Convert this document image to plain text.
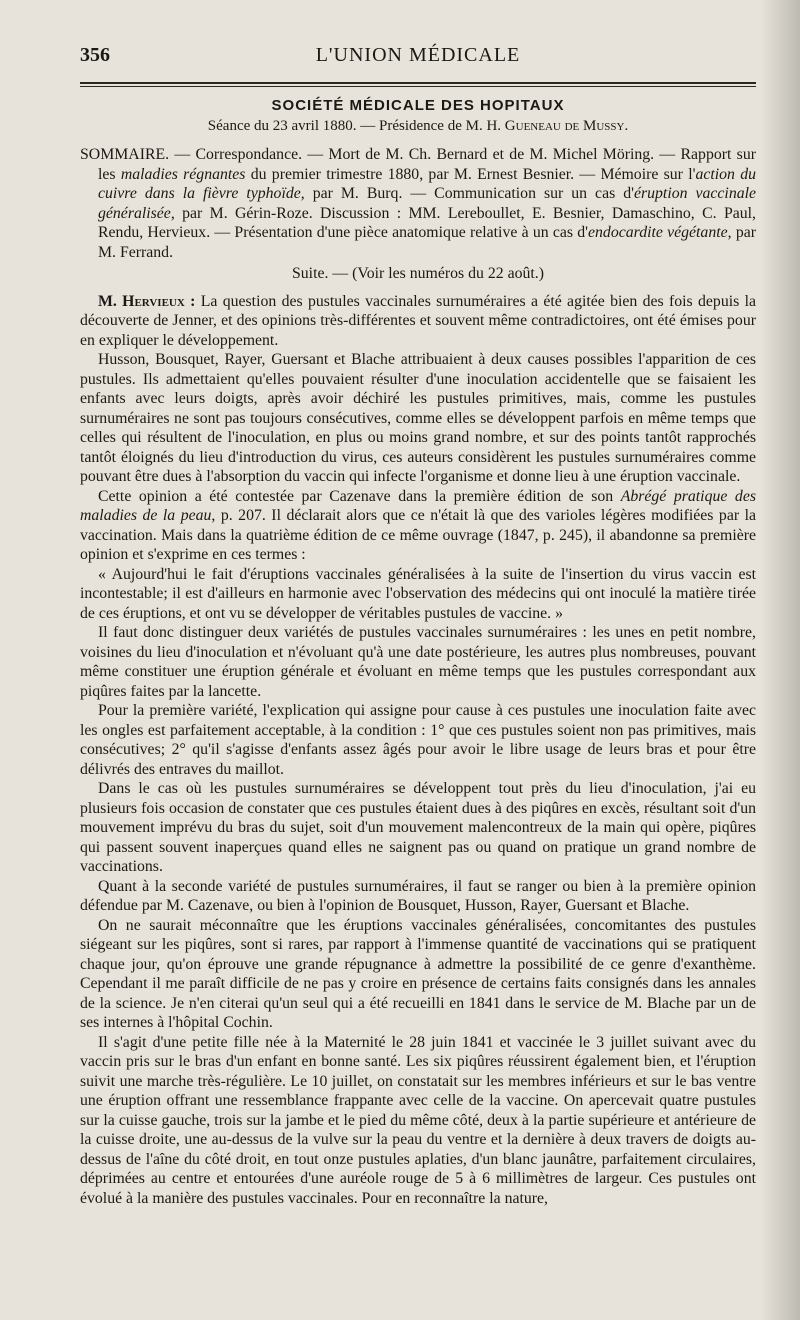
356	L'UNION MÉDICALE
SOCIÉTÉ MÉDICALE DES HOPITAUX
Séance du 23 avril 1880. — Présidence de M. H. Gueneau de Mussy.

SOMMAIRE. — Correspondance. — Mort de M. Ch. Bernard et de M. Michel Möring. — Rapport sur les maladies régnantes du premier trimestre 1880, par M. Ernest Besnier. — Mémoire sur l'action du cuivre dans la fièvre typhoïde, par M. Burq. — Communication sur un cas d'éruption vaccinale généralisée, par M. Gérin-Roze. Discussion : MM. Lereboullet, E. Besnier, Damaschino, C. Paul, Rendu, Hervieux. — Présentation d'une pièce anatomique relative à un cas d'endocardite végétante, par M. Ferrand.

Suite. — (Voir les numéros du 22 août.)

M. Hervieux : La question des pustules vaccinales surnuméraires a été agitée bien des fois depuis la découverte de Jenner, et des opinions très-différentes et souvent même contradictoires, ont été émises pour en expliquer le développement.

Husson, Bousquet, Rayer, Guersant et Blache attribuaient à deux causes possibles l'apparition de ces pustules. Ils admettaient qu'elles pouvaient résulter d'une inoculation accidentelle que se faisaient les enfants avec leurs doigts, après avoir déchiré les pustules primitives, mais, comme les pustules surnuméraires ne sont pas toujours consécutives, comme elles se développent parfois en même temps que celles qui résultent de l'inoculation, en plus ou moins grand nombre, et sur des points tantôt rapprochés tantôt éloignés du lieu d'introduction du virus, ces auteurs considèrent les pustules surnuméraires comme pouvant être dues à l'absorption du vaccin qui infecte l'organisme et donne lieu à une éruption vaccinale.

Cette opinion a été contestée par Cazenave dans la première édition de son Abrégé pratique des maladies de la peau, p. 207. Il déclarait alors que ce n'était là que des varioles légères modifiées par la vaccination. Mais dans la quatrième édition de ce même ouvrage (1847, p. 245), il abandonne sa première opinion et s'exprime en ces termes :

« Aujourd'hui le fait d'éruptions vaccinales généralisées à la suite de l'insertion du virus vaccin est incontestable; il est d'ailleurs en harmonie avec l'observation des médecins qui ont inoculé la matière tirée de ces éruptions, et ont vu se développer de véritables pustules de vaccine. »

Il faut donc distinguer deux variétés de pustules vaccinales surnuméraires : les unes en petit nombre, voisines du lieu d'inoculation et n'évoluant qu'à une date postérieure, les autres plus nombreuses, pouvant même constituer une éruption générale et évoluant en même temps que les pustules correspondant aux piqûres faites par la lancette.

Pour la première variété, l'explication qui assigne pour cause à ces pustules une inoculation faite avec les ongles est parfaitement acceptable, à la condition : 1° que ces pustules soient non pas primitives, mais consécutives; 2° qu'il s'agisse d'enfants assez âgés pour avoir le libre usage de leurs bras et pour être délivrés des entraves du maillot.

Dans le cas où les pustules surnuméraires se développent tout près du lieu d'inoculation, j'ai eu plusieurs fois occasion de constater que ces pustules étaient dues à des piqûres en excès, résultant soit d'un mouvement imprévu du bras du sujet, soit d'un mouvement malencontreux de la main qui opère, piqûres qui passent souvent inaperçues quand elles ne saignent pas ou quand on pratique un grand nombre de vaccinations.

Quant à la seconde variété de pustules surnuméraires, il faut se ranger ou bien à la première opinion défendue par M. Cazenave, ou bien à l'opinion de Bousquet, Husson, Rayer, Guersant et Blache.

On ne saurait méconnaître que les éruptions vaccinales généralisées, concomitantes des pustules siégeant sur les piqûres, sont si rares, par rapport à l'immense quantité de vaccinations qui se pratiquent chaque jour, qu'on éprouve une grande répugnance à admettre la possibilité de ce genre d'exanthème. Cependant il me paraît difficile de ne pas y croire en présence de certains faits consignés dans les annales de la science. Je n'en citerai qu'un seul qui a été recueilli en 1841 dans le service de M. Blache par un de ses internes à l'hôpital Cochin.

Il s'agit d'une petite fille née à la Maternité le 28 juin 1841 et vaccinée le 3 juillet suivant avec du vaccin pris sur le bras d'un enfant en bonne santé. Les six piqûres réussirent également bien, et l'éruption suivit une marche très-régulière. Le 10 juillet, on constatait sur les membres inférieurs et sur le bas ventre une éruption offrant une ressemblance frappante avec celle de la vaccine. On apercevait quatre pustules sur la cuisse gauche, trois sur la jambe et le pied du même côté, deux à la partie supérieure et antérieure de la cuisse droite, une au-dessus de la vulve sur la peau du ventre et la dernière à deux travers de doigts au-dessus de l'aîne du côté droit, en tout onze pustules aplaties, d'un blanc jaunâtre, parfaitement circulaires, déprimées au centre et entourées d'une auréole rouge de 5 à 6 millimètres de largeur. Ces pustules ont évolué à la manière des pustules vaccinales. Pour en reconnaître la nature,
